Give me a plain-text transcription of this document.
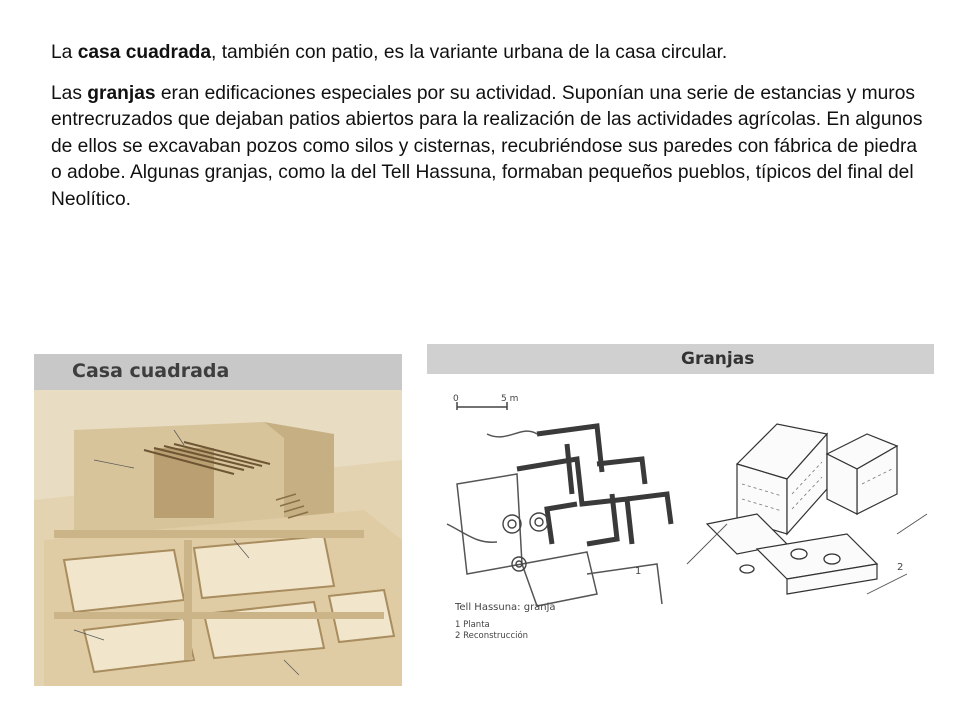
La casa cuadrada, también con patio, es la variante urbana de la casa circular.

Las granjas eran edificaciones especiales por su actividad. Suponían una serie de estancias y muros entrecruzados que dejaban patios abiertos para la realización de las actividades agrícolas. En algunos de ellos se excavaban pozos como silos y cisternas, recubriéndose sus paredes con fábrica de piedra o adobe. Algunas granjas, como la del Tell Hassuna, formaban pequeños pueblos, típicos del final del Neolítico.

Casa cuadrada
Granjas
0	5 m
1	2
Tell Hassuna: granja
1 Planta
2 Reconstrucción
